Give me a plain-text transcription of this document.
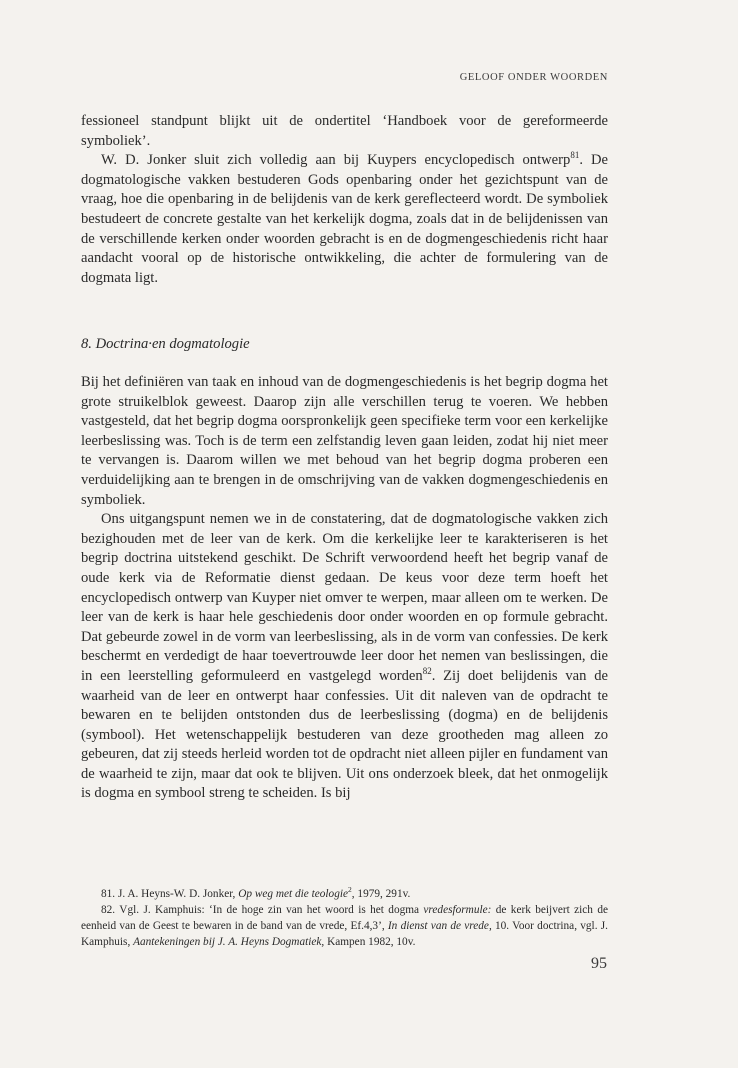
GELOOF ONDER WOORDEN

fessioneel standpunt blijkt uit de ondertitel ‘Handboek voor de gereformeerde symboliek’.

W. D. Jonker sluit zich volledig aan bij Kuypers encyclopedisch ontwerp$^{81}$. De dogmatologische vakken bestuderen Gods openbaring onder het gezichtspunt van de vraag, hoe die openbaring in de belijdenis van de kerk gereflecteerd wordt. De symboliek bestudeert de concrete gestalte van het kerkelijk dogma, zoals dat in de belijdenissen van de verschillende kerken onder woorden gebracht is en de dogmengeschiedenis richt haar aandacht vooral op de historische ontwikkeling, die achter de formulering van de dogmata ligt.

8. Doctrina·en dogmatologie

Bij het definiëren van taak en inhoud van de dogmengeschiedenis is het begrip dogma het grote struikelblok geweest. Daarop zijn alle verschillen terug te voeren. We hebben vastgesteld, dat het begrip dogma oorspronkelijk geen specifieke term voor een kerkelijke leerbeslissing was. Toch is de term een zelfstandig leven gaan leiden, zodat hij niet meer te vervangen is. Daarom willen we met behoud van het begrip dogma proberen een verduidelijking aan te brengen in de omschrijving van de vakken dogmengeschiedenis en symboliek.

Ons uitgangspunt nemen we in de constatering, dat de dogmatologische vakken zich bezighouden met de leer van de kerk. Om die kerkelijke leer te karakteriseren is het begrip doctrina uitstekend geschikt. De Schrift verwoordend heeft het begrip vanaf de oude kerk via de Reformatie dienst gedaan. De keus voor deze term hoeft het encyclopedisch ontwerp van Kuyper niet omver te werpen, maar alleen om te werken. De leer van de kerk is haar hele geschiedenis door onder woorden en op formule gebracht. Dat gebeurde zowel in de vorm van leerbeslissing, als in de vorm van confessies. De kerk beschermt en verdedigt de haar toevertrouwde leer door het nemen van beslissingen, die in een leerstelling geformuleerd en vastgelegd worden$^{82}$. Zij doet belijdenis van de waarheid van de leer en ontwerpt haar confessies. Uit dit naleven van de opdracht te bewaren en te belijden ontstonden dus de leerbeslissing (dogma) en de belijdenis (symbool). Het wetenschappelijk bestuderen van deze grootheden mag alleen zo gebeuren, dat zij steeds herleid worden tot de opdracht niet alleen pijler en fundament van de waarheid te zijn, maar dat ook te blijven. Uit ons onderzoek bleek, dat het onmogelijk is dogma en symbool streng te scheiden. Is bij

81. J. A. Heyns-W. D. Jonker, Op weg met die teologie$^2$, 1979, 291v.

82. Vgl. J. Kamphuis: ‘In de hoge zin van het woord is het dogma vredesformule: de kerk beijvert zich de eenheid van de Geest te bewaren in de band van de vrede, Ef.4,3’, In dienst van de vrede, 10. Voor doctrina, vgl. J. Kamphuis, Aantekeningen bij J. A. Heyns Dogmatiek, Kampen 1982, 10v.

95
